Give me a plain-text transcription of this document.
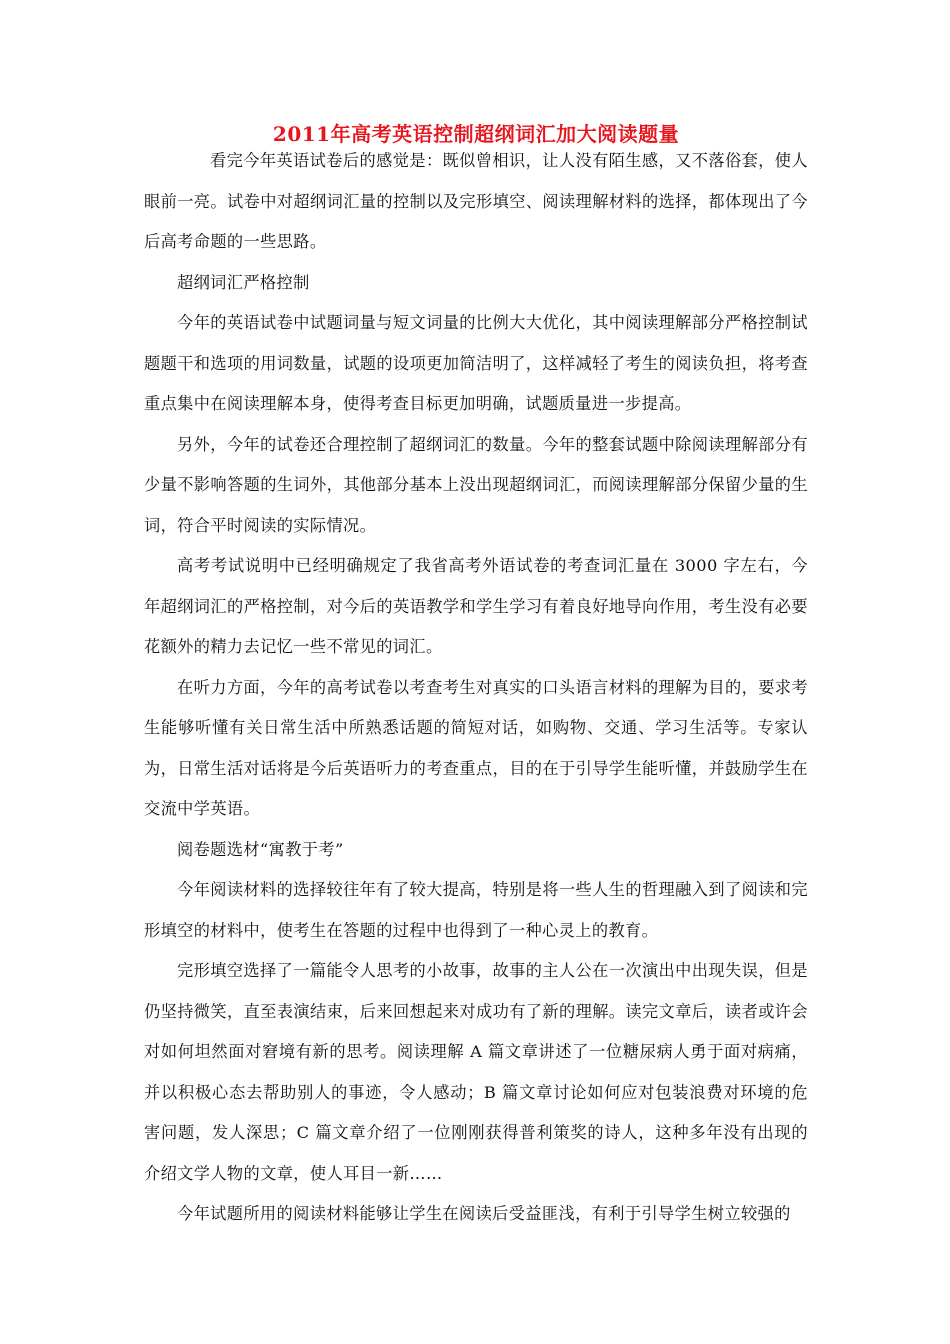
2011年高考英语控制超纲词汇加大阅读题量

看完今年英语试卷后的感觉是：既似曾相识，让人没有陌生感，又不落俗套，使人眼前一亮。试卷中对超纲词汇量的控制以及完形填空、阅读理解材料的选择，都体现出了今后高考命题的一些思路。

超纲词汇严格控制

今年的英语试卷中试题词量与短文词量的比例大大优化，其中阅读理解部分严格控制试题题干和选项的用词数量，试题的设项更加简洁明了，这样减轻了考生的阅读负担，将考查重点集中在阅读理解本身，使得考查目标更加明确，试题质量进一步提高。

另外，今年的试卷还合理控制了超纲词汇的数量。今年的整套试题中除阅读理解部分有少量不影响答题的生词外，其他部分基本上没出现超纲词汇，而阅读理解部分保留少量的生词，符合平时阅读的实际情况。

高考考试说明中已经明确规定了我省高考外语试卷的考查词汇量在 3000 字左右，今年超纲词汇的严格控制，对今后的英语教学和学生学习有着良好地导向作用，考生没有必要花额外的精力去记忆一些不常见的词汇。

在听力方面，今年的高考试卷以考查考生对真实的口头语言材料的理解为目的，要求考生能够听懂有关日常生活中所熟悉话题的简短对话，如购物、交通、学习生活等。专家认为，日常生活对话将是今后英语听力的考查重点，目的在于引导学生能听懂，并鼓励学生在交流中学英语。

阅卷题选材“寓教于考”

今年阅读材料的选择较往年有了较大提高，特别是将一些人生的哲理融入到了阅读和完形填空的材料中，使考生在答题的过程中也得到了一种心灵上的教育。

完形填空选择了一篇能令人思考的小故事，故事的主人公在一次演出中出现失误，但是仍坚持微笑，直至表演结束，后来回想起来对成功有了新的理解。读完文章后，读者或许会对如何坦然面对窘境有新的思考。阅读理解 A 篇文章讲述了一位糖尿病人勇于面对病痛，并以积极心态去帮助别人的事迹，令人感动；B 篇文章讨论如何应对包装浪费对环境的危害问题，发人深思；C 篇文章介绍了一位刚刚获得普利策奖的诗人，这种多年没有出现的介绍文学人物的文章，使人耳目一新……

今年试题所用的阅读材料能够让学生在阅读后受益匪浅，有利于引导学生树立较强的
